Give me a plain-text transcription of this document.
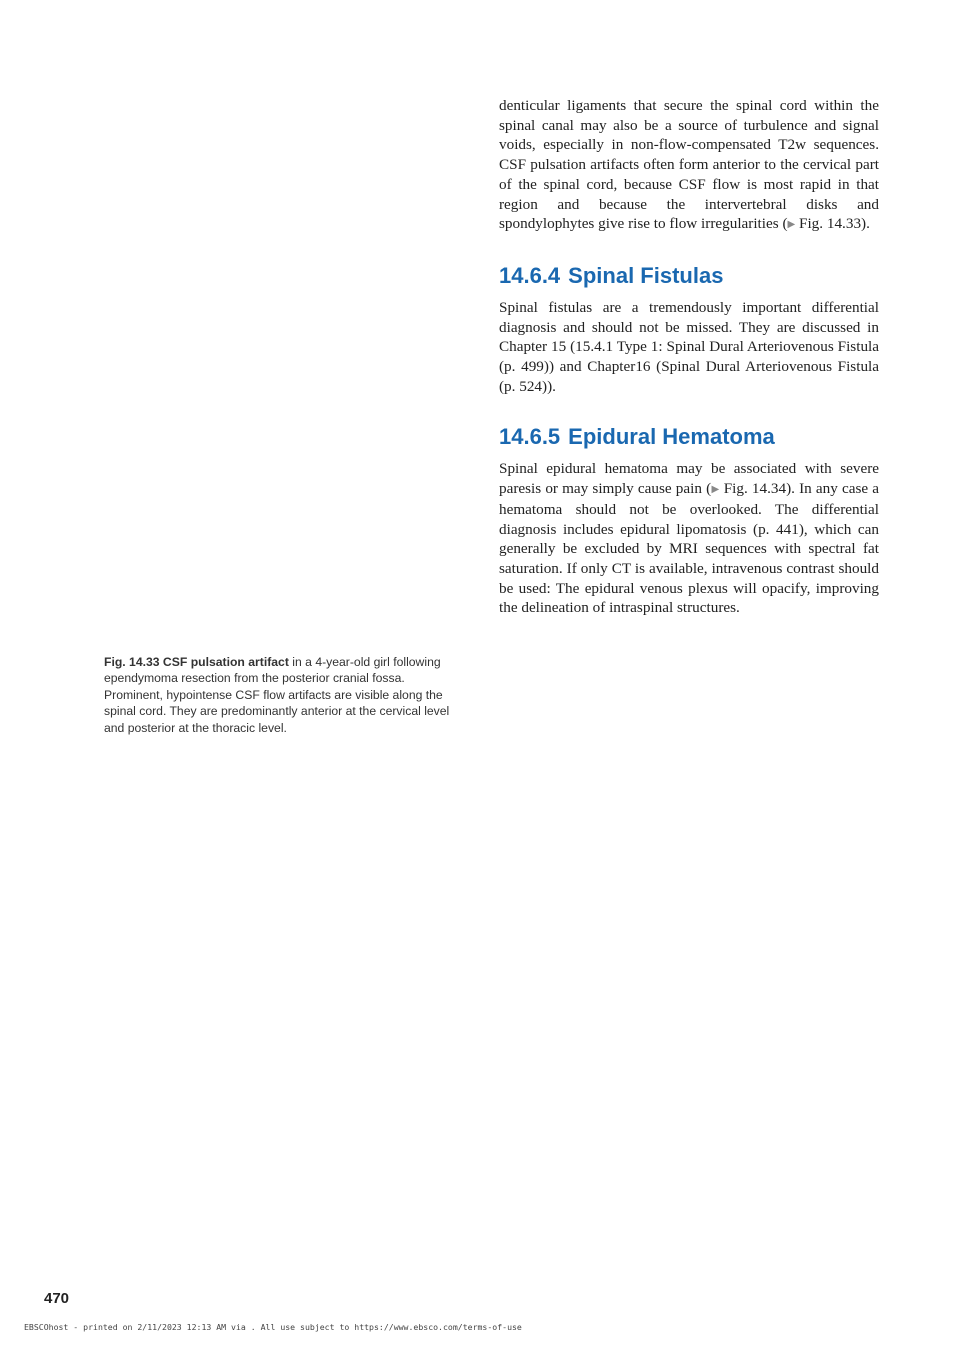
denticular ligaments that secure the spinal cord within the spinal canal may also be a source of turbulence and signal voids, especially in non-flow-compensated T2w sequences. CSF pulsation artifacts often form anterior to the cervical part of the spinal cord, because CSF flow is most rapid in that region and because the intervertebral disks and spondylophytes give rise to flow irregularities (▶ Fig. 14.33).

14.6.4 Spinal Fistulas

Spinal fistulas are a tremendously important differential diagnosis and should not be missed. They are discussed in Chapter 15 (15.4.1 Type 1: Spinal Dural Arteriovenous Fistula (p. 499)) and Chapter16 (Spinal Dural Arteriovenous Fistula (p. 524)).

14.6.5 Epidural Hematoma

Spinal epidural hematoma may be associated with severe paresis or may simply cause pain (▶ Fig. 14.34). In any case a hematoma should not be overlooked. The differential diagnosis includes epidural lipomatosis (p. 441), which can generally be excluded by MRI sequences with spectral fat saturation. If only CT is available, intravenous contrast should be used: The epidural venous plexus will opacify, improving the delineation of intraspinal structures.

Fig. 14.33 CSF pulsation artifact in a 4-year-old girl following ependymoma resection from the posterior cranial fossa. Prominent, hypointense CSF flow artifacts are visible along the spinal cord. They are predominantly anterior at the cervical level and posterior at the thoracic level.

470
EBSCOhost - printed on 2/11/2023 12:13 AM via . All use subject to https://www.ebsco.com/terms-of-use
